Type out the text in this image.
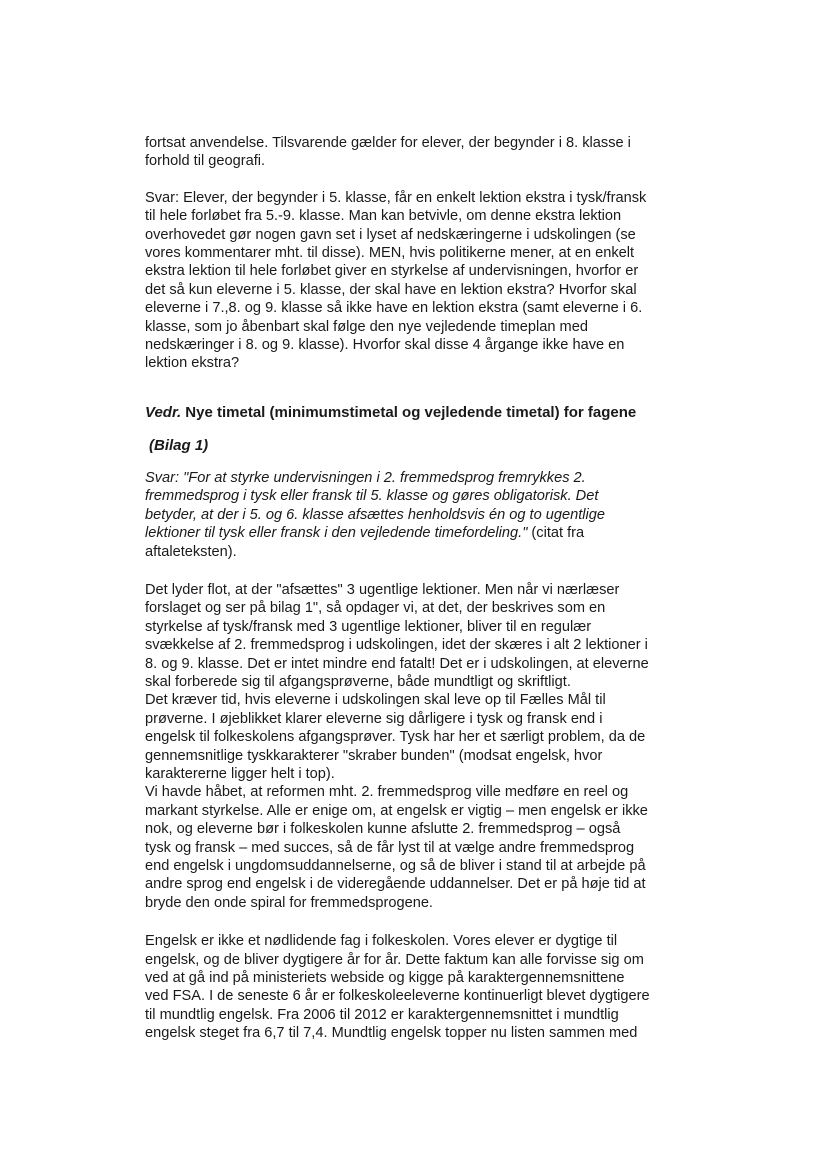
fortsat anvendelse. Tilsvarende gælder for elever, der begynder i 8. klasse i
forhold til geografi.

Svar: Elever, der begynder i 5. klasse, får en enkelt lektion ekstra i tysk/fransk
til hele forløbet fra 5.-9. klasse. Man kan betvivle, om denne ekstra lektion
overhovedet gør nogen gavn set i lyset af nedskæringerne i udskolingen (se
vores kommentarer mht. til disse). MEN, hvis politikerne mener, at en enkelt
ekstra lektion til hele forløbet giver en styrkelse af undervisningen, hvorfor er
det så kun eleverne i 5. klasse, der skal have en lektion ekstra? Hvorfor skal
eleverne i 7.,8. og 9. klasse så ikke have en lektion ekstra (samt eleverne i 6.
klasse, som jo åbenbart skal følge den nye vejledende timeplan med
nedskæringer i 8. og 9. klasse). Hvorfor skal disse 4 årgange ikke have en
lektion ekstra?

Vedr. Nye timetal (minimumstimetal og vejledende timetal) for fagene
(Bilag 1)

Svar: "For at styrke undervisningen i 2. fremmedsprog fremrykkes 2.
fremmedsprog i tysk eller fransk til 5. klasse og gøres obligatorisk. Det
betyder, at der i 5. og 6. klasse afsættes henholdsvis én og to ugentlige
lektioner til tysk eller fransk i den vejledende timefordeling." (citat fra
aftaleteksten).

Det lyder flot, at der "afsættes" 3 ugentlige lektioner. Men når vi nærlæser
forslaget og ser på bilag 1", så opdager vi, at det, der beskrives som en
styrkelse af tysk/fransk med 3 ugentlige lektioner, bliver til en regulær
svækkelse af 2. fremmedsprog i udskolingen, idet der skæres i alt 2 lektioner i
8. og 9. klasse. Det er intet mindre end fatalt! Det er i udskolingen, at eleverne
skal forberede sig til afgangsprøverne, både mundtligt og skriftligt.
Det kræver tid, hvis eleverne i udskolingen skal leve op til Fælles Mål til
prøverne. I øjeblikket klarer eleverne sig dårligere i tysk og fransk end i
engelsk til folkeskolens afgangsprøver. Tysk har her et særligt problem, da de
gennemsnitlige tyskkarakterer "skraber bunden" (modsat engelsk, hvor
karaktererne ligger helt i top).
Vi havde håbet, at reformen mht. 2. fremmedsprog ville medføre en reel og
markant styrkelse. Alle er enige om, at engelsk er vigtig – men engelsk er ikke
nok, og eleverne bør i folkeskolen kunne afslutte 2. fremmedsprog – også
tysk og fransk – med succes, så de får lyst til at vælge andre fremmedsprog
end engelsk i ungdomsuddannelserne, og så de bliver i stand til at arbejde på
andre sprog end engelsk i de videregående uddannelser. Det er på høje tid at
bryde den onde spiral for fremmedsprogene.

Engelsk er ikke et nødlidende fag i folkeskolen. Vores elever er dygtige til
engelsk, og de bliver dygtigere år for år. Dette faktum kan alle forvisse sig om
ved at gå ind på ministeriets webside og kigge på karaktergennemsnittene
ved FSA. I de seneste 6 år er folkeskoleeleverne kontinuerligt blevet dygtigere
til mundtlig engelsk. Fra 2006 til 2012 er karaktergennemsnittet i mundtlig
engelsk steget fra 6,7 til 7,4. Mundtlig engelsk topper nu listen sammen med
